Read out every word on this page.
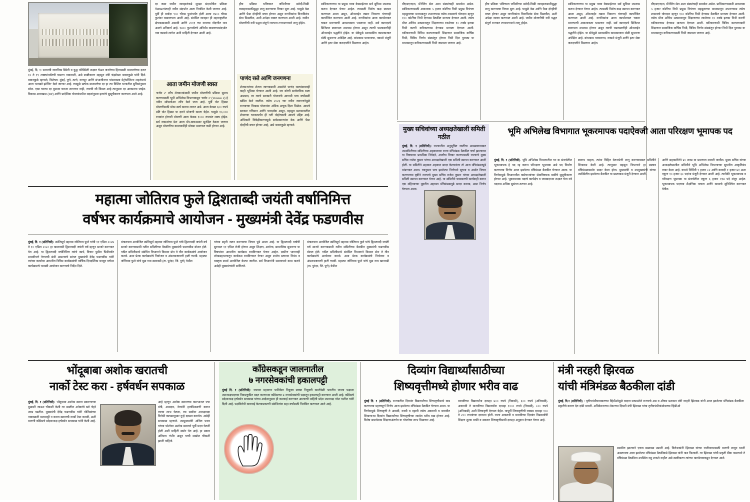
मुंबई, दि. १: सध्याची जागतिक स्थिती व युद्ध परिस्थिती लक्षात घेऊन जनतेच्या हितासाठी मालमत्तेच्या दरात १८ ते १९ टक्क्यांपर्यंतची घसरण नाकारली, असे स्पष्टीकरण महसूल मंत्री चंद्रशेखर बावनकुळे यांनी दिले. बावनकुळे म्हणाले, विशेषत: मुंबई, पुणे, ठाणे, नागपूर आणि संभाजीनगर यांसारख्या मेट्रोपॉलिटन शहरांमध्ये आता 'मायक्रो झोनिंग' केले जाणार आहे. त्यामुळे प्रत्येक मालमत्तेचा दर हा त्या विशिष्ट भागातील सुविधांनुसार ठरेल. एका घराचा दर दुसऱ्या घराला लागणार नाही, ज्याची जी किंमत आहे त्यानुसार दर आकारला जाईल. विकास आराखडा (DP) आणि प्रादेशिक योजनांमधील बदलांनुसार इतरांचे सुसूत्रीकरण करण्यात आले आहे.
दर जसा जमीन व्यवहारांकडे सुरक्षा संदर्भातील प्रक्रिया नेआऊटनंतरही नवीन संदर्भात आता नियमित केली जाणार आहे. पूर्वी ही मर्यादा ९०० चौरस फुटांपर्यंत होती आता १४०० चौरस फुटांवर वाढवण्यात आली आहे. संबंधित व्यवहार ही महाराष्ट्रातील क्षेत्रफळासाठी असावी आणि २०११ च्या नावाचा नोंदणीत नाव असणे अनिवार्य आहे. १४०० फूटपर्यंतचे अनिर्बंध वाढवण्यासंदर्भात नाव काढावे लागेल अशी माहिती देण्यात आली आहे.
आता जमीन मोजणी स्वस्त
'वर्जन २' लाँच शेतकऱ्यांसाठी जमीन मोजणीची प्रक्रिया सुलभ करण्यासाठी भूमी अभिलेख विभागाकडून 'वर्जन २' (Version 2) हे नवीन सॉफ्टवेअर लाँच केले जात आहे. पूर्वी पोट हिस्सा मोजणीसाठी मोठा खर्च करावा लागत असे. आता केवळ ६०० रुपये प्रति पोट हिस्सा या दराने मोजणी करता येईल. यामुळे १०,००० रुपयांत होणारी मोजणी आता केवळ १००० रुपयांत शक्य होईल. सर्व नकाशांचा डेटा आता मॅप-क्लाउडवर सुरक्षित ठेवला जाणार असून मोजणीचा कालावधीही मोठ्या प्रमाणात कमी होणार आहे.
हीच प्रक्रिया भविष्यात जमिनीच्या खरेदी-विक्री व्यवहारासाठीसुद्धा लागू करण्याचा विचार सुरू आहे. यामुळे वेळ आणि पैसा दोन्हीची बचत होणार असून नागरिकांना विनाविलंब सेवा मिळतील, अशी अपेक्षा व्यक्त करण्यात आली आहे. जमीन मोजणीची नवी पद्धत संपूर्ण राज्यात टप्प्याटप्प्याने लागू होईल.
पाणंद रस्ते आणि जनगणना
शेतकऱ्यांच्या शेतात जाण्यासाठी असलेले पाणंद रस्त्यांबाबतही काही भूमिका घेण्यात आली आहे. जर कोणी सार्वजनिक रस्ता अडवला, तर त्याचे सरकारी योजनांचे आगामी पाच वर्षांसाठी खंडित केले जातील. तसेच २०२६ च्या नवीन जनगणनेमुळे राज्याच्या विकास योजनांना अधिक अचूक दिशा मिळेल. आमचे सरकार गतिमान आणि पारदर्शक असून, महसूल प्रशासनातील शेवटच्या घटकापर्यंत ही गती पोहोचवली आमचे उद्दिष्ट आहे. अधिकारी विकेंद्रीकरणामुळे सर्वसामान्यांना वेळ आणि पैसा दोन्हीची बचत होणार आहे, असे बावनकुळे म्हणाले.
प्राधिकरणाच्या या प्रमुख नव्या वेबसाईटवर सर्व सुविधा उपलब्ध करून देण्यात येणार आहेत. त्यासाठी विशेष कक्ष स्थापन करण्यात आला असून, ऑनलाईन तक्रार निवारण यंत्रणाही कार्यान्वित करण्यात आली आहे. नागरिकांना आता कार्यालयात चकरा मारण्याची आवश्यकता भासणार नाही. सर्व कागदपत्रे डिजिटल स्वरूपात उपलब्ध होणार असून त्याची पडताळणीही ऑनलाईन पद्धतीने होईल. या सेवेमुळे प्रशासकीय कामकाजात मोठी सुधारणा अपेक्षित आहे. बांधकाम परवानग्या, नकाशे मंजुरी आणि इतर सेवा जलदगतीने मिळणार आहेत.
बीएसएनएल, मॅनेजिंग सेल अशा संस्थांचाही समावेश असेल. प्राधिकरणासाठी आवश्यक ५ हजार कोटींचा निधी प्रमुख नियंत्रण महसुलाच्या माध्यमातून उभारण्यास तसेच शासनाचे योगदान म्हणून १०० कोटींचा निधी देण्यास बैठकीत मान्यता देण्यात आली. तसेच मौज अग्निम उत्खननातून शिक्षणाच्या रकमेच्या १० टक्के इतका निधी करणी वारिकरणास देण्यास मान्यता देण्यात आली. वारिकरणाठी विविध कल्याणकारी शिक्षणात सामाजिक वार्षिक निधी, विविध निर्णय संस्थांतून होणार निधी दिल पुरवठा या माध्यमातून वारिकरणासाठी निधी जमवला जाणार आहे.
हीच प्रक्रिया भविष्यात जमिनीच्या खरेदी-विक्री व्यवहारासाठीसुद्धा लागू करण्याचा विचार सुरू आहे. यामुळे वेळ आणि पैसा दोन्हीची बचत होणार असून नागरिकांना विनाविलंब सेवा मिळतील, अशी अपेक्षा व्यक्त करण्यात आली आहे. जमीन मोजणीची नवी पद्धत संपूर्ण राज्यात टप्प्याटप्प्याने लागू होईल.
प्राधिकरणाच्या या प्रमुख नव्या वेबसाईटवर सर्व सुविधा उपलब्ध करून देण्यात येणार आहेत. त्यासाठी विशेष कक्ष स्थापन करण्यात आला असून, ऑनलाईन तक्रार निवारण यंत्रणाही कार्यान्वित करण्यात आली आहे. नागरिकांना आता कार्यालयात चकरा मारण्याची आवश्यकता भासणार नाही. सर्व कागदपत्रे डिजिटल स्वरूपात उपलब्ध होणार असून त्याची पडताळणीही ऑनलाईन पद्धतीने होईल. या सेवेमुळे प्रशासकीय कामकाजात मोठी सुधारणा अपेक्षित आहे. बांधकाम परवानग्या, नकाशे मंजुरी आणि इतर सेवा जलदगतीने मिळणार आहेत.
बीएसएनएल, मॅनेजिंग सेल अशा संस्थांचाही समावेश असेल. प्राधिकरणासाठी आवश्यक ५ हजार कोटींचा निधी प्रमुख नियंत्रण महसुलाच्या माध्यमातून उभारण्यास तसेच शासनाचे योगदान म्हणून १०० कोटींचा निधी देण्यास बैठकीत मान्यता देण्यात आली. तसेच मौज अग्निम उत्खननातून शिक्षणाच्या रकमेच्या १० टक्के इतका निधी करणी वारिकरणास देण्यास मान्यता देण्यात आली. वारिकरणाठी विविध कल्याणकारी शिक्षणात सामाजिक वार्षिक निधी, विविध निर्णय संस्थांतून होणार निधी दिल पुरवठा या माध्यमातून वारिकरणासाठी निधी जमवला जाणार आहे.
मुख्य सचिवांच्या अध्यक्षतेखाली समिती गठीत
मुंबई, दि. १ (प्रतिनिधी): राज्यातील अनुसूचित जातींचा अमळ्यगाबाबत उपसमितीच्या समितीच्या अहवालावर राज्य मंत्रिमंडळ बैठकीत चर्चा झाल्यावर या विषयावर प्राथमिक निवेदने, अर्जांचा विचार करण्यासाठी राज्याचे मुख्य सचिव राजेश कुमार यांच्या अध्यक्षतेखाली एक समिती स्थापन करण्यात आली होती. या समितीने अहवाल अहवाल सादर केल्यानंतर तो आज मंत्रिमंडळापुढे मांडण्यात आला. त्यानुसार पाच झालेल्या निर्णयाने सूचना व अर्थात विचार करण्याच्या दृष्टीने राज्याचे मुख्य सचिव राजेश कुमार यांच्या अध्यक्षतेखाली समिती स्थापन करण्यात येणार आहे. या समितीने याबाबतची कार्यवाही करून एक महिन्याच्या मुदतीत अहवाल मंत्रिमंडळापुढे सादर करावा, असा निर्णय घेण्यात आला.
भूमि अभिलेख विभागात भूकरमापक पदाऐवजी आता परिरक्षण भूमापक पद
मुंबई, दि. १ (प्रतिनिधी). भूमि अभिलेख विभागातील गट क संवर्गातील भूकरमापक हे पद रद्द करून परिरक्षण भूमापक असे पद निर्माण करण्याचा निर्णय आज झालेल्या मंत्रिमंडळ बैठकीत घेण्यात आला. या निर्णयामुळे विभागातील कर्मचाऱ्यांच्या सेवाविषयक बाबींचे सुसूत्रीकरण होणार आहे. भूकरमापक पदाचे कार्यक्षेत्र व जबाबदाऱ्या लक्षात घेता नवे पदनाम अधिक सुसंगत ठरणार आहे.
स्वरूप पाहता, त्यांना विहित वेतनश्रेणी लागू करण्याबाबत समितीने शिफारस केली आहे. त्यानुसार महसूल विभागाने हा प्रस्ताव मंत्रिमंडळासमोर सादर केला होता. मुख्यमंत्री व उपमुख्यमंत्री यांच्या उपस्थितीत झालेल्या बैठकीत या प्रस्तावास मंजुरी देण्यात आली.
आणि सहकारीतेने ४० लाख वा प्रमाणात मजली जातील. मुख्य सचिव यांच्या अध्यक्षतेखालील समितीने भूमि अभिलेख विभागाच्या सुधारित आकृतिबंध तयार केला आहे. यामधे निर्मिती ९ हजार ८२ आणि कायदी १ हजार ७१ अशा एकूण १० हजार ६८ पदांना मंजुरी देण्यात आली आहे. त्यापैकी भूकरमापक व परिरक्षण भूमापक या संवर्गातील एकूण ६ हजार ११४ पदे मंजूर आहेत. भूकरमापक पदाच्या शैक्षणिक पात्रता आणि कामाचे सुनिश्चित करण्यात येतील.
महात्मा जोतिराव फुले द्विशताब्दी जयंती वर्षानिमित्त
वर्षभर कार्यक्रमाचे आयोजन - मुख्यमंत्री देवेंद्र फडणवीस
मुंबई, दि. १ (प्रतिनिधी): क्रांतिसूर्य महात्मा जोतिराव फुले यांची ११ एप्रिल २०२७ ते १० एप्रिल २०२८ हा कालावधी द्विशताब्दी जयंती वर्ष म्हणून साजरे करण्यात येत आहे. या द्विशताब्दी वर्षानिमित्त त्यांचे कार्य, विचार पुढील पिढीपर्यंत प्रभावीपणे नेण्याची संधी असल्याचे सांगत मुख्यमंत्री देवेंद्र फडणवीस यांनी त्यांच्या कार्यावर आधारित विविध कार्यक्रमांची वार्षिक दिनदर्शिका बनवून वर्षभर कार्यक्रमाचे यशस्वी आयोजन करण्याचे निर्देश दिले.
मंत्रालयात आयोजित क्रांतिसूर्य महात्मा जोतिराव फुले यांचे द्विशताब्दी जयंती वर्ष साजरे करण्यासाठी गठीत समितीच्या बैठकीत मुख्यमंत्री फडणवीस बोलत होते. गठीत समितीमध्ये संबंधित विभागाने किमान डोन ते तीन कार्यक्रमांचे आयोजन करावे. अशा प्रेरक कार्यक्रमांचे नियोजन व अंमलबजावणी हाती घ्यावी. महात्मा जोतिराव फुले यांचे मूळ गाव खानवडी (ता. पुरंदर, जि. पुणे) येथील
यांच्या स्मृती जतन करण्याचा विचार पुढे आला आहे. या द्विशताब्दी वर्षाची सुरुवात ११ एप्रिल रोजी होणार असून शिक्षण, आरोग्य, सामाजिक सुधारणा या विषयांवर आधारित कार्यक्रम राबविण्यात येणार आहेत. ग्रामीण भागातही लोकसहभागातून कार्यक्रम राबविण्यात येणार असून शालेय स्तरावर निबंध व वक्तृत्व स्पर्धा आयोजित केल्या जातील. सर्व विभागांनी समन्वयाने काम करावे असेही मुख्यमंत्र्यांनी सांगितले.
मंत्रालयात आयोजित क्रांतिसूर्य महात्मा जोतिराव फुले यांचे द्विशताब्दी जयंती वर्ष साजरे करण्यासाठी गठीत समितीच्या बैठकीत मुख्यमंत्री फडणवीस बोलत होते. गठीत समितीमध्ये संबंधित विभागाने किमान डोन ते तीन कार्यक्रमांचे आयोजन करावे. अशा प्रेरक कार्यक्रमांचे नियोजन व अंमलबजावणी हाती घ्यावी. महात्मा जोतिराव फुले यांचे मूळ गाव खानवडी (ता. पुरंदर, जि. पुणे) येथील
भोंदूबाबा अशोक खरातची
नार्को टेस्ट करा - हर्षवर्धन सपकाळ
मुंबई, दि. १ (प्रतिनिधी): भोंदूबाबा अशोक खरात प्रकरणाच्या मुळाशी जाऊन चौकशी केली तर खातील अनेकांचे खरे चेहरे उघड पडतील. मुख्यमंत्री देवेंद्र फडणवीस यांनी पोलिसांच्या नावाखाली मलमपट्टी न करता खरातची नार्को टेस्ट करावी, अशी मागणी काँग्रेसचे प्रदेशाध्यक्ष हर्षवर्धन सपकाळ यांनी केली आहे.
आहे म्हणून अशोक खरातच्या कारभारात ज्या मंत्री, आमदार, नेत्यांनी हातमिळवणी करून त्याचा लाभ घेतला, त्या सर्वांवर अध्यक्षपदा विरोधी कायद्यानुसार गुन्हे दाखल करावेत. असेही सपकाळ म्हणाले. उपमुख्यमंत्री अजित पवार यांच्या फोटोवर अशोक खरातने पूर्वी मदत घेतली होती अशी माहिती समोर येत आहे. हा प्रकार अतिशय गंभीर असून याची सखोल चौकशी झाली पाहिजे.
काँग्रेसकडून जालनातील
७ नगरसेवकांची हकालपट्टी
मुंबई दि. १ (प्रतिनिधी): जालना महानगर पालिकेत नियुक्त स्वच्छ नियुक्ती करतेवेळी भारतीय जनता पक्षाला उपाध्यक्षपदाच्या निवडणुकीत मदत करणाऱ्या काँग्रेसच्या ७ नगरसेवकांची पक्षातून हकालपट्टी करण्यात आली आहे. काँग्रेसचे प्रदेशाध्यक्ष हर्षवर्धन सपकाळ यांच्या आदेशानुसार ही कारवाई करण्यात आल्याची माहिती प्रदेश उपाध्यक्ष नरेश पाटील यांनी दिली आहे. पक्षविरोधी कारवाई केल्याप्रकरणी संबंधितांना सहा वर्षांसाठी निलंबित करण्यात आले आहे.
दिव्यांग विद्यार्थ्यांसाठीच्या
शिष्यवृत्तीमध्ये होणार भरीव वाढ
मुंबई दि. १ (प्रतिनिधी). राज्यातील दिव्यांग विद्यार्थ्यांच्या शिष्यवृत्तीमध्ये वाढ करण्याचा महत्त्वपूर्ण निर्णय आज झालेल्या मंत्रिमंडळ बैठकीत घेण्यात आला. या निर्णयामुळे शिष्यवृत्ती ते आठवी, नववी व दहावी तसेच अकरावी व बारावीत शिकणाऱ्या दिव्यांग विद्यार्थ्यांच्या शिष्यवृत्तीच्या रकमेत भरीव वाढ होणार आहे. विशेष समावेशक शिक्षणाअंतर्गत या योजनेचा लाभ मिळणार आहे.
बारावीच्या विद्यार्थ्यांना दरमहा ७०० रुपये (निवासी), ६०० रुपये (अनिवासी). अकरावी ते बारावीच्या विद्यार्थ्यांना दरमहा १००० रुपये (निवासी), ८०० रुपये (अनिवासी) अशी शिष्यवृत्ती देण्यात येईल. यापूर्वी शिष्यवृत्तीची रक्कम दरमहा १०० ते २०० रुपयांच्या दरम्यान होती. राज्य अकरावी व बारावीच्या दिव्यांग विद्यार्थ्यांची शिक्षण शुल्क माफी व सवलत शिष्यवृत्तीसाठी दरमहा अनुदान देण्यात येणार आहे.
मंत्री नरहरी झिरवळ
यांची मंत्रिमंडळ बैठकीला दांडी
मुंबई, दि.१ (प्रतिनिधी) : तृतीयपंथीयाबाबतच्या व्हिडीओमुळे वादात सापडलेले राज्याचे अन्न व औषध प्रशासन मंत्री नरहरी झिरवळ यांनी आज झालेल्या मंत्रिमंडळ बैठकीला प्रकृतीचे कारण देत दांडी मारली. अधिवेशनाच्या शेवटच्या दिवशी मंत्री झिरवळ यांचा तृतीयपंथीयांसोबतचा व्हिडीओ
प्रसारित झाल्याने एकच खळबळ उडाली आहे. विरोधकांनी झिरवळ यांच्या राजीनाम्यासाठी मागणी लावून धरली असतानाच आज झालेल्या मंत्रिमंडळ बैठकीकडे झिरवळ यांनी पाठ फिरवली. तर झिरवळ यांची प्रकृती ठीक नसल्याने ते मंत्रिमंडळ बैठकीला उपस्थित राहू शकले नाहीत असे स्पष्टीकरण त्यांच्या कार्यालयाकडून देण्यात आले.
